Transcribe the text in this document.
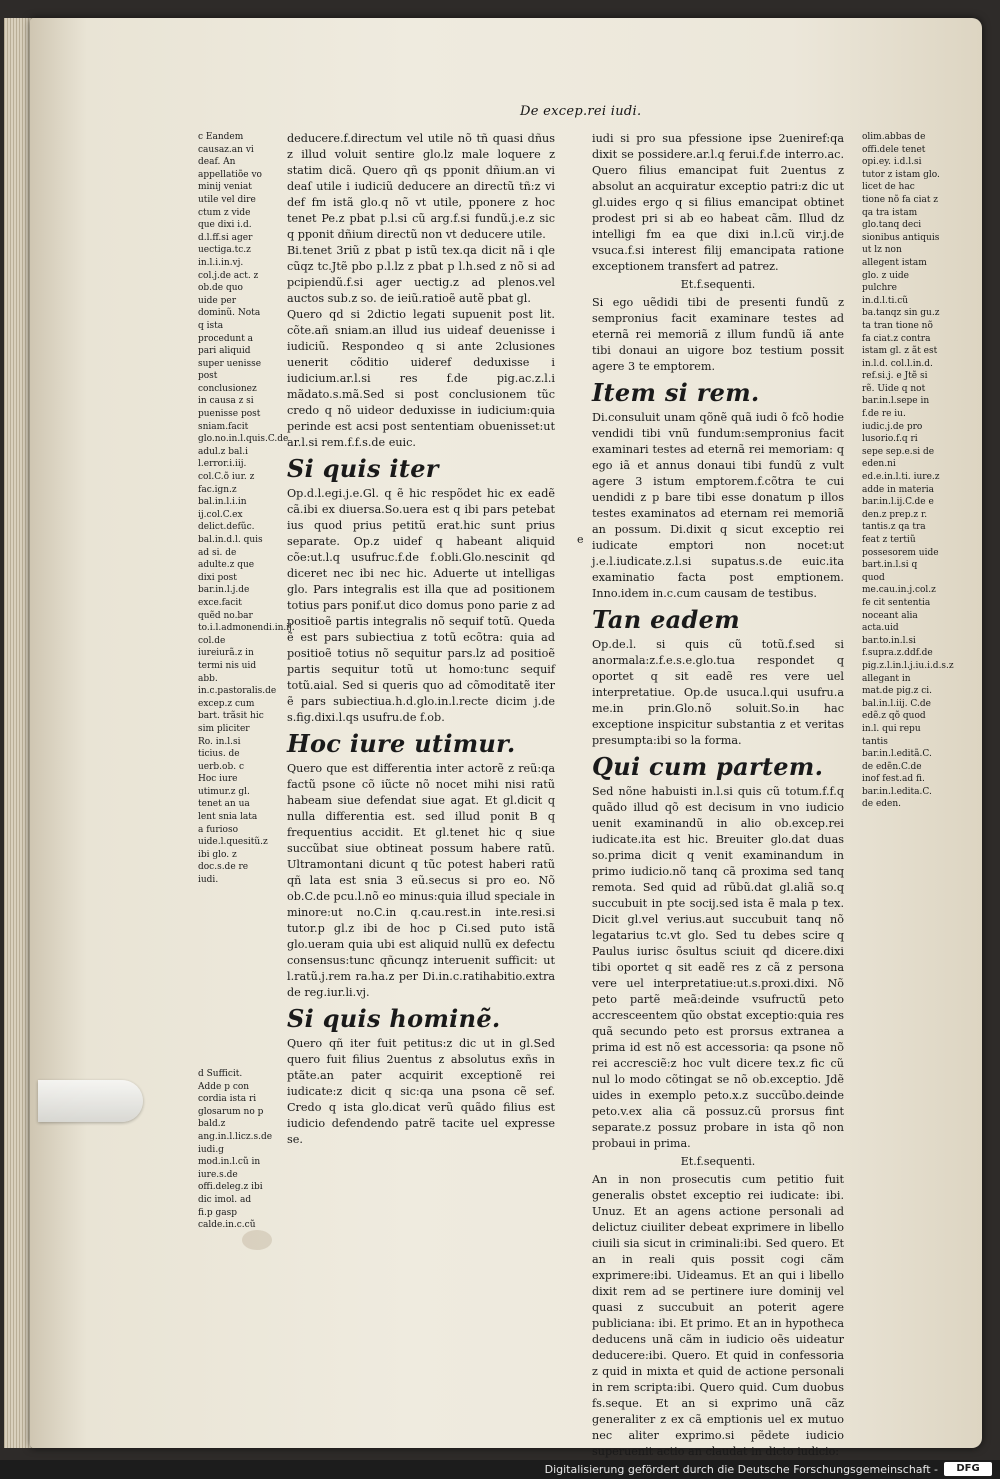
De excep.rei iudi.
c Eandem causaz.an vi deaf. An appellatiõe vo minij veniat utile vel dire ctum z vide que dixi i.d. d.l.ff.si ager uectiga.tc.z in.l.i.in.vj. col.j.de act. z ob.de quo uide per dominũ. Nota q ista procedunt a pari aliquid super uenisse post conclusionez in causa z si puenisse post sniam.facit glo.no.in.l.quis.C.de adul.z bal.i l.error.i.iij. col.C.õ iur. z fac.ign.z bal.in.l.i.in ij.col.C.ex delict.defũc. bal.in.d.l. quis ad si. de adulte.z que dixi post bar.in.l.j.de exce.facit quẽd no.bar to.i.l.admonendi.in.ij. col.de iureiurã.z in termi nis uid abb. in.c.pastoralis.de excep.z cum bart. trãsit hic sim pliciter Ro. in.l.si ticius. de uerb.ob. c Hoc iure utimur.z gl. tenet an ua lent snia lata a furioso uide.l.quesitũ.z ibi glo. z doc.s.de re iudi.
d Sufficit. Adde p con cordia ista ri glosarum no p bald.z ang.in.l.licz.s.de iudi.g mod.in.l.cũ in iure.s.de offi.deleg.z ibi dic imol. ad fi.p gasp calde.in.c.cũ

deducere.f.directum vel utile nõ tñ quasi dñus z illud voluit sentire glo.lz male loquere z statim dicã. Quero qñ qs pponit dñium.an vi deaſ utile i iudiciũ deducere an directũ tñ:z vi def fm istã glo.q nõ vt utile, pponere z hoc tenet Pe.z pbat p.l.si cũ arg.f.si fundũ.j.e.z sic q pponit dñium directũ non vt deducere utile.

Bi.tenet 3riũ z pbat p istũ tex.qa dicit nã i qle cũqz tc.Jtẽ pbo p.l.lz z pbat p l.h.sed z nõ si ad pcipiendũ.f.si ager uectig.z ad plenos.vel auctos sub.z so. de ieiũ.ratioẽ autẽ pbat gl.

Quero qd si 2dictio legati supuenit post lit. cõte.añ sniam.an illud ius uideaf deuenisse i iudiciũ. Respondeo q si ante 2clusiones uenerit cõditio uideref deduxisse i iudicium.ar.l.si res f.de pig.ac.z.l.i mãdato.s.mã.Sed si post conclusionem tũc credo q nõ uideor deduxisse in iudicium:quia perinde est acsi post sententiam obuenisset:ut ar.l.si rem.f.f.s.de euic.

Si quis iter

Op.d.l.egi.j.e.Gl. q ẽ hic respõdet hic ex eadẽ cã.ibi ex diuersa.So.uera est q ibi pars petebat ius quod prius petitũ erat.hic sunt prius separate. Op.z uidef q habeant aliquid cõe:ut.l.q usufruc.f.de f.obli.Glo.nescinit qd diceret nec ibi nec hic. Aduerte ut intelligas glo. Pars integralis est illa que ad positionem totius pars ponif.ut dico domus pono parie z ad positioẽ partis integralis nõ sequif totũ. Queda ẽ est pars subiectiua z totũ ecõtra: quia ad positioẽ totius nõ sequitur pars.lz ad positioẽ partis sequitur totũ ut homo:tunc sequif totũ.aial. Sed si queris quo ad cõmoditatẽ iter ẽ pars subiectiua.h.d.glo.in.l.recte dicim j.de s.fig.dixi.l.qs usufru.de f.ob.

Hoc iure utimur.

Quero que est differentia inter actorẽ z reũ:qa factũ psone cõ iũcte nõ nocet mihi nisi ratũ habeam siue defendat siue agat. Et gl.dicit q nulla differentia est. sed illud ponit B q frequentius accidit. Et gl.tenet hic q siue succũbat siue obtineat possum habere ratũ. Ultramontani dicunt q tũc potest haberi ratũ qñ lata est snia 3 eũ.secus si pro eo. Nõ ob.C.de pcu.l.nõ eo minus:quia illud speciale in minore:ut no.C.in q.cau.rest.in inte.resi.si tutor.p gl.z ibi de hoc p Ci.sed puto istã glo.ueram quia ubi est aliquid nullũ ex defectu consensus:tunc qñcunqz interuenit sufficit: ut l.ratũ.j.rem ra.ha.z per Di.in.c.ratihabitio.extra de reg.iur.li.vj.

Si quis hominẽ.

Quero qñ iter fuit petitus:z dic ut in gl.Sed quero fuit filius 2uentus z absolutus exñs in ptãte.an pater acquirit exceptionẽ rei iudicate:z dicit q sic:qa una psona cẽ sef. Credo q ista glo.dicat verũ quãdo filius est iudicio defendendo patrẽ tacite uel expresse se.

iudi si pro sua pfessione ipse 2ueniref:qa dixit se possidere.ar.l.q ferui.f.de interro.ac. Quero filius emancipat fuit 2uentus z absolut an acquiratur exceptio patri:z dic ut gl.uides ergo q si filius emancipat obtinet prodest pri si ab eo habeat cãm. Illud dz intelligi fm ea que dixi in.l.cũ vir.j.de vsuca.f.si interest filij emancipata ratione exceptionem transfert ad patrez.

Et.f.sequenti.

Si ego uẽdidi tibi de presenti fundũ z sempronius facit examinare testes ad eternã rei memoriã z illum fundũ iã ante tibi donaui an uigore boz testium possit agere 3 te emptorem.

Item si rem.

Di.consuluit unam qõnẽ quã iudi õ fcõ hodie vendidi tibi vnũ fundum:sempronius facit examinari testes ad eternã rei memoriam: q ego iã et annus donaui tibi fundũ z vult agere 3 istum emptorem.f.cõtra te cui uendidi z p bare tibi esse donatum p illos testes examinatos ad eternam rei memoriã an possum. Di.dixit q sicut exceptio rei iudicate emptori non nocet:ut j.e.l.iudicate.z.l.si supatus.s.de euic.ita examinatio facta post emptionem. Inno.idem in.c.cum causam de testibus.

Tan eadem

Op.de.l. si quis cũ totũ.f.sed si anormala:z.f.e.s.e.glo.tua respondet q oportet q sit eadẽ res vere uel interpretatiue. Op.de usuca.l.qui usufru.a me.in prin.Glo.nõ soluit.So.in hac exceptione inspicitur substantia z et veritas presumpta:ibi so la forma.

Qui cum partem.

Sed nõne habuisti in.l.si quis cũ totum.f.f.q quãdo illud qõ est decisum in vno iudicio uenit examinandũ in alio ob.excep.rei iudicate.ita est hic. Breuiter glo.dat duas so.prima dicit q venit examinandum in primo iudicio.nõ tanq cã proxima sed tanq remota. Sed quid ad rũbũ.dat gl.aliã so.q succubuit in pte socij.sed ista ẽ mala p tex. Dicit gl.vel verius.aut succubuit tanq nõ legatarius tc.vt glo. Sed tu debes scire q Paulus iurisc õsultus sciuit qd dicere.dixi tibi oportet q sit eadẽ res z cã z persona vere uel interpretatiue:ut.s.proxi.dixi. Nõ peto partẽ meã:deinde vsufructũ peto accresceentem qũo obstat exceptio:quia res quã secundo peto est prorsus extranea a prima id est nõ est accessoria: qa psone nõ rei accresciẽ:z hoc vult dicere tex.z fic cũ nul lo modo cõtingat se nõ ob.exceptio. Jdẽ uides in exemplo peto.x.z succũbo.deinde peto.v.ex alia cã possuz.cũ prorsus fint separate.z possuz probare in ista qõ non probaui in prima.

Et.f.sequenti.

An in non prosecutis cum petitio fuit generalis obstet exceptio rei iudicate: ibi. Unuz. Et an agens actione personali ad delictuz ciuiliter debeat exprimere in libello ciuili sia sicut in criminali:ibi. Sed quero. Et an in reali quis possit cogi cãm exprimere:ibi. Uideamus. Et an qui i libello dixit rem ad se pertinere iure dominij vel quasi z succubuit an poterit agere publiciana: ibi. Et primo. Et an in hypotheca deducens unã cãm in iudicio oẽs uideatur deducere:ibi. Quero. Et quid in confessoria z quid in mixta et quid de actione personali in rem scripta:ibi. Quero quid. Cum duobus fs.seque. Et an si exprimo unã cãz generaliter z ex cã emptionis uel ex mutuo nec aliter exprimo.si pẽdete iudicio superuenit actio an claudat in dicto iudicio:

e
olim.abbas de offi.dele tenet opi.ey. i.d.l.si tutor z istam glo. licet de hac tione nõ fa ciat z qa tra istam glo.tanq deci sionibus antiquis ut lz non allegent istam glo. z uide pulchre in.d.l.ti.cũ ba.tanqz sin gu.z ta tran tione nõ fa ciat.z contra istam gl. z ãt est in.l.d. col.l.in.d. ref.si.j. e Jtẽ si rẽ. Uide q not bar.in.l.sepe in f.de re iu. iudic.j.de pro lusorio.f.q ri sepe sep.e.si de eden.ni ed.e.in.l.ti. iure.z adde in materia bar.in.l.ij.C.de e den.z prep.z r. tantis.z qa tra feat z tertiũ possesorem uide bart.in.l.si q quod me.cau.in.j.col.z fe cit sententia noceant alia acta.uid bar.to.in.l.si f.supra.z.ddf.de pig.z.l.in.l.j.iu.i.d.s.z allegant in mat.de pig.z ci. bal.in.l.iij. C.de edẽ.z qõ quod in.l. qui repu tantis bar.in.l.editã.C. de edẽn.C.de inof fest.ad fi. bar.in.l.edita.C. de eden.
Digitalisierung gefördert durch die Deutsche Forschungsgemeinschaft -	DFG
